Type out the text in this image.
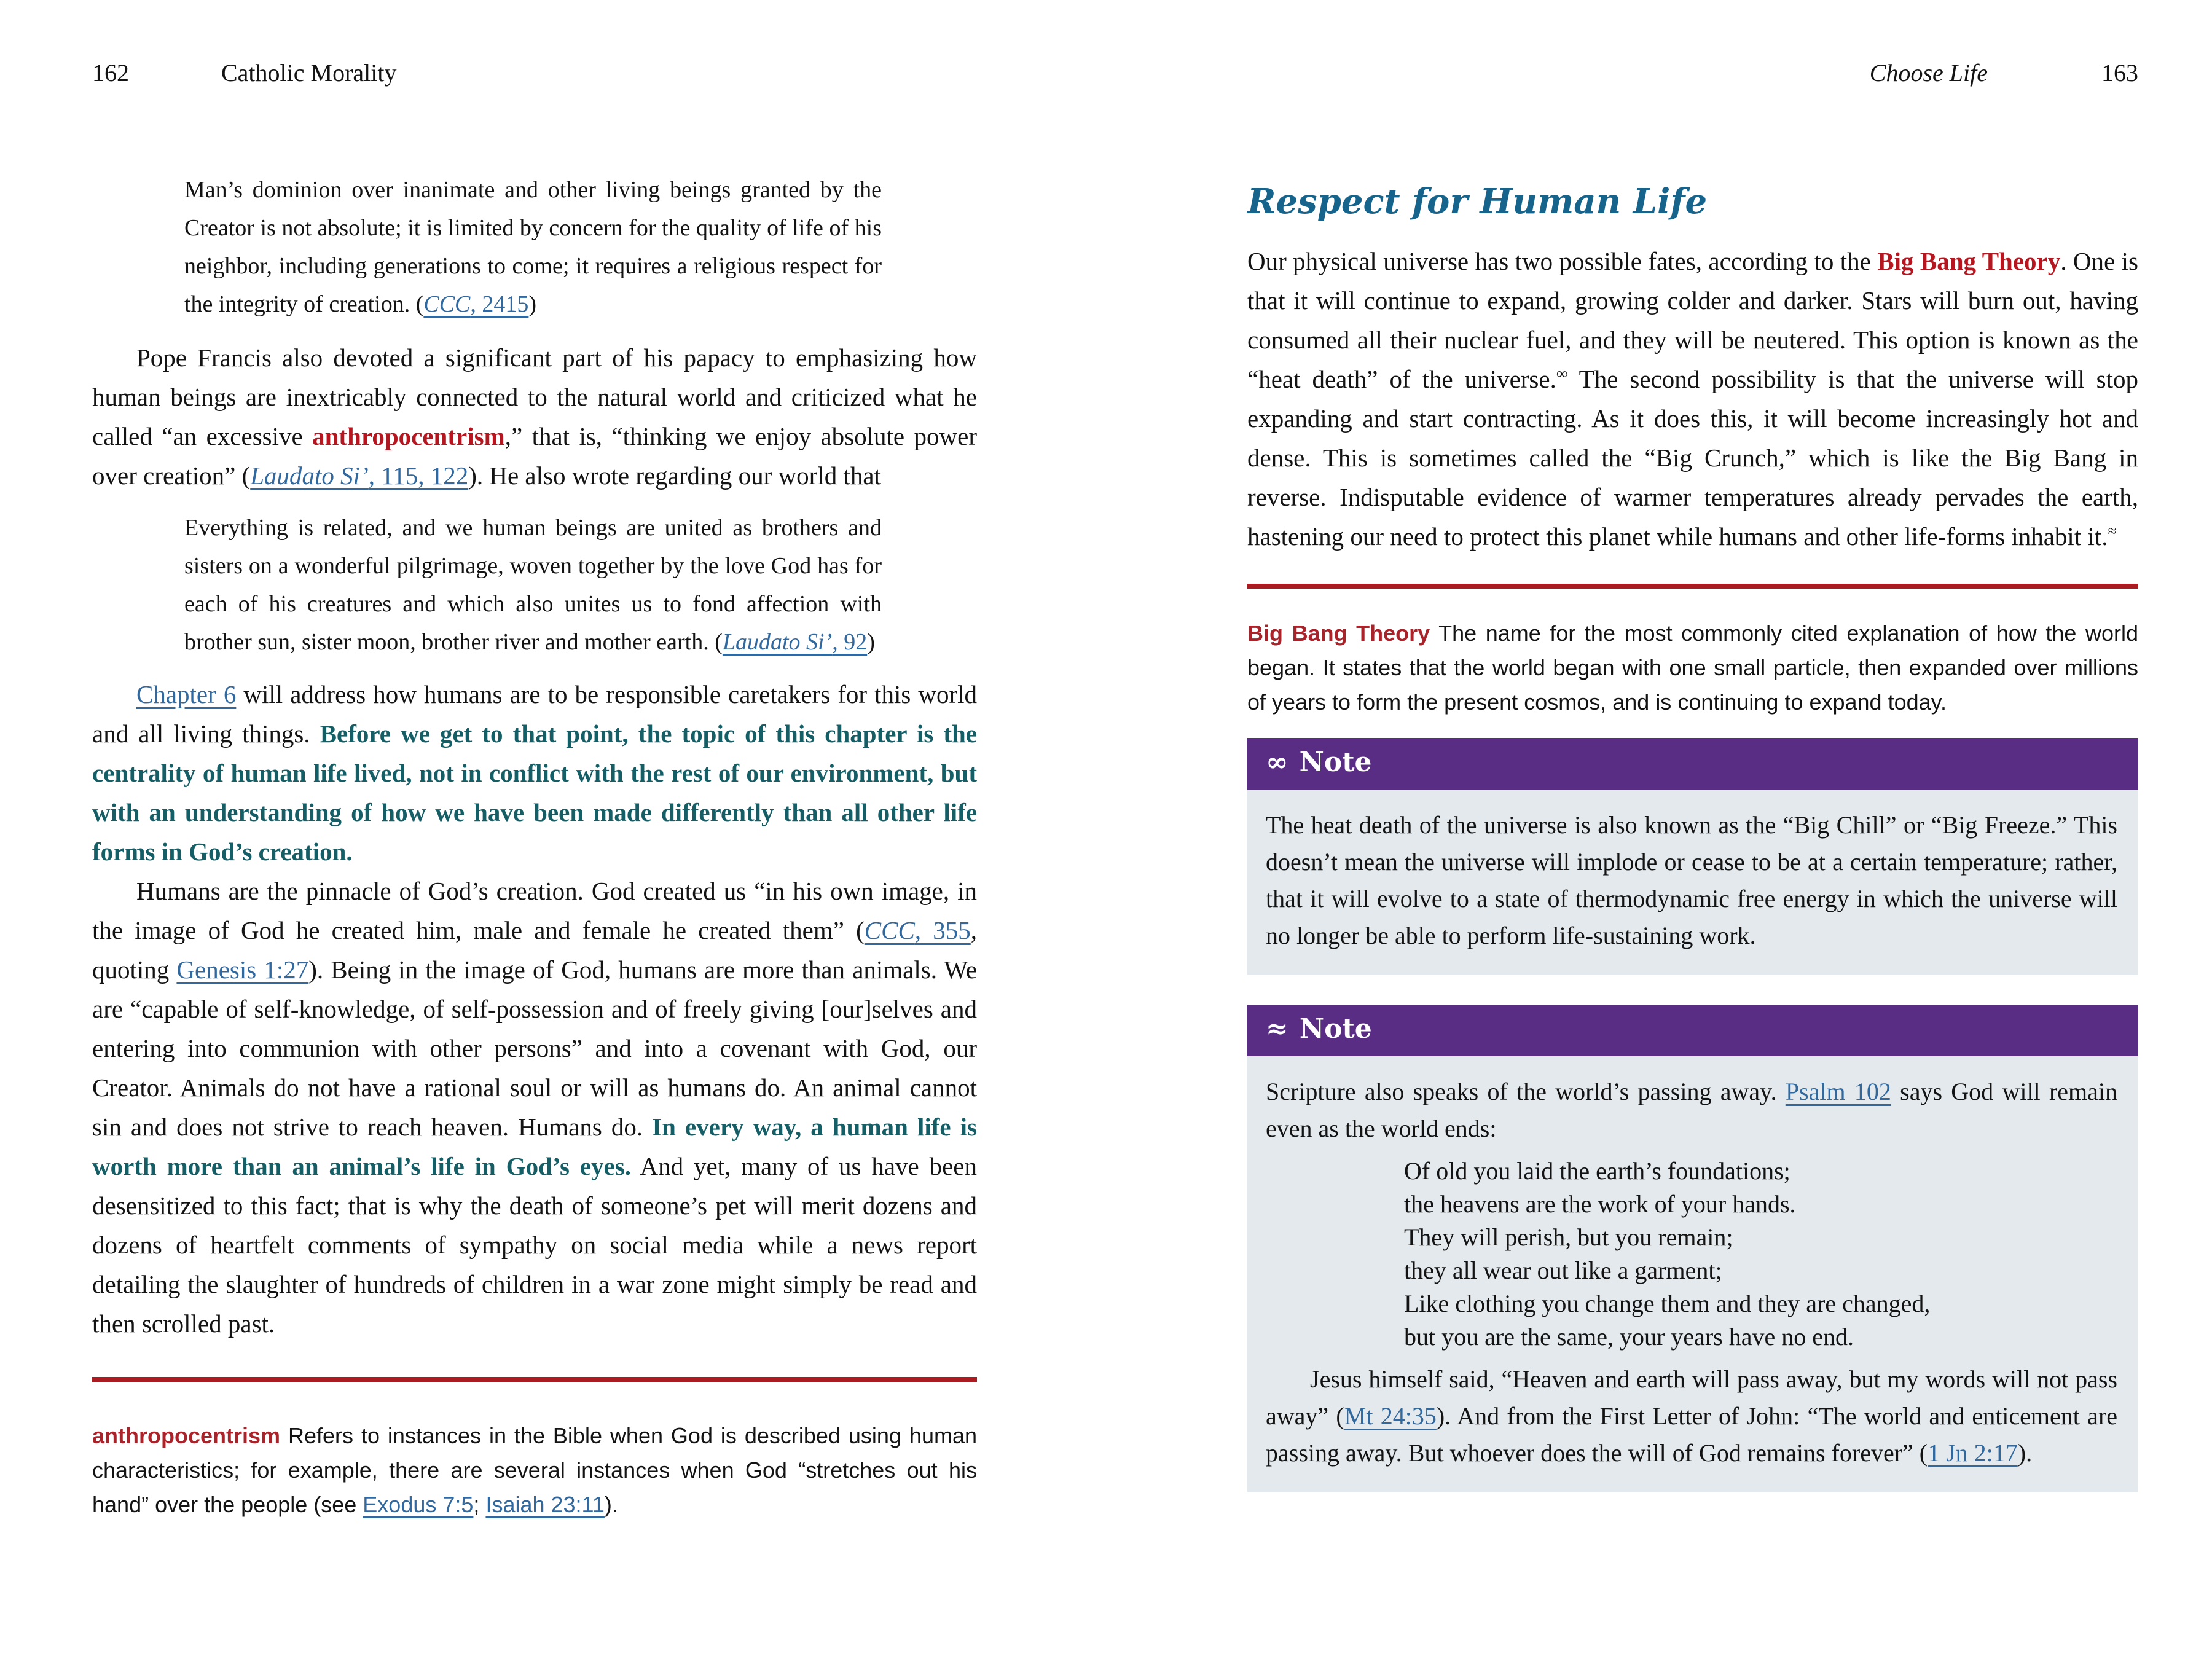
162	Catholic Morality
Man’s dominion over inanimate and other living beings granted by the Creator is not absolute; it is limited by concern for the quality of life of his neighbor, including generations to come; it requires a religious respect for the integrity of creation. (CCC, 2415)
Pope Francis also devoted a significant part of his papacy to emphasizing how human beings are inextricably connected to the natural world and criticized what he called “an excessive anthropocentrism,” that is, “thinking we enjoy absolute power over creation” (Laudato Si’, 115, 122). He also wrote regarding our world that
Everything is related, and we human beings are united as brothers and sisters on a wonderful pilgrimage, woven together by the love God has for each of his creatures and which also unites us to fond affection with brother sun, sister moon, brother river and mother earth. (Laudato Si’, 92)
Chapter 6 will address how humans are to be responsible caretakers for this world and all living things. Before we get to that point, the topic of this chapter is the centrality of human life lived, not in conflict with the rest of our environment, but with an understanding of how we have been made differently than all other life forms in God’s creation.
Humans are the pinnacle of God’s creation. God created us “in his own image, in the image of God he created him, male and female he created them” (CCC, 355, quoting Genesis 1:27). Being in the image of God, humans are more than animals. We are “capable of self-knowledge, of self-possession and of freely giving [our]selves and entering into communion with other persons” and into a covenant with God, our Creator. Animals do not have a rational soul or will as humans do. An animal cannot sin and does not strive to reach heaven. Humans do. In every way, a human life is worth more than an animal’s life in God’s eyes. And yet, many of us have been desensitized to this fact; that is why the death of someone’s pet will merit dozens and dozens of heartfelt comments of sympathy on social media while a news report detailing the slaughter of hundreds of children in a war zone might simply be read and then scrolled past.
anthropocentrism Refers to instances in the Bible when God is described using human characteristics; for example, there are several instances when God “stretches out his hand” over the people (see Exodus 7:5; Isaiah 23:11).
Choose Life	163
Respect for Human Life
Our physical universe has two possible fates, according to the Big Bang Theory. One is that it will continue to expand, growing colder and darker. Stars will burn out, having consumed all their nuclear fuel, and they will be neutered. This option is known as the “heat death” of the universe.∞ The second possibility is that the universe will stop expanding and start contracting. As it does this, it will become increasingly hot and dense. This is sometimes called the “Big Crunch,” which is like the Big Bang in reverse. Indisputable evidence of warmer temperatures already pervades the earth, hastening our need to protect this planet while humans and other life-forms inhabit it.≈
Big Bang Theory The name for the most commonly cited explanation of how the world began. It states that the world began with one small particle, then expanded over millions of years to form the present cosmos, and is continuing to expand today.
∞ Note
The heat death of the universe is also known as the “Big Chill” or “Big Freeze.” This doesn’t mean the universe will implode or cease to be at a certain temperature; rather, that it will evolve to a state of thermodynamic free energy in which the universe will no longer be able to perform life-sustaining work.
≈ Note
Scripture also speaks of the world’s passing away. Psalm 102 says God will remain even as the world ends:
Of old you laid the earth’s foundations;
the heavens are the work of your hands.
They will perish, but you remain;
they all wear out like a garment;
Like clothing you change them and they are changed,
but you are the same, your years have no end.
Jesus himself said, “Heaven and earth will pass away, but my words will not pass away” (Mt 24:35). And from the First Letter of John: “The world and enticement are passing away. But whoever does the will of God remains forever” (1 Jn 2:17).
